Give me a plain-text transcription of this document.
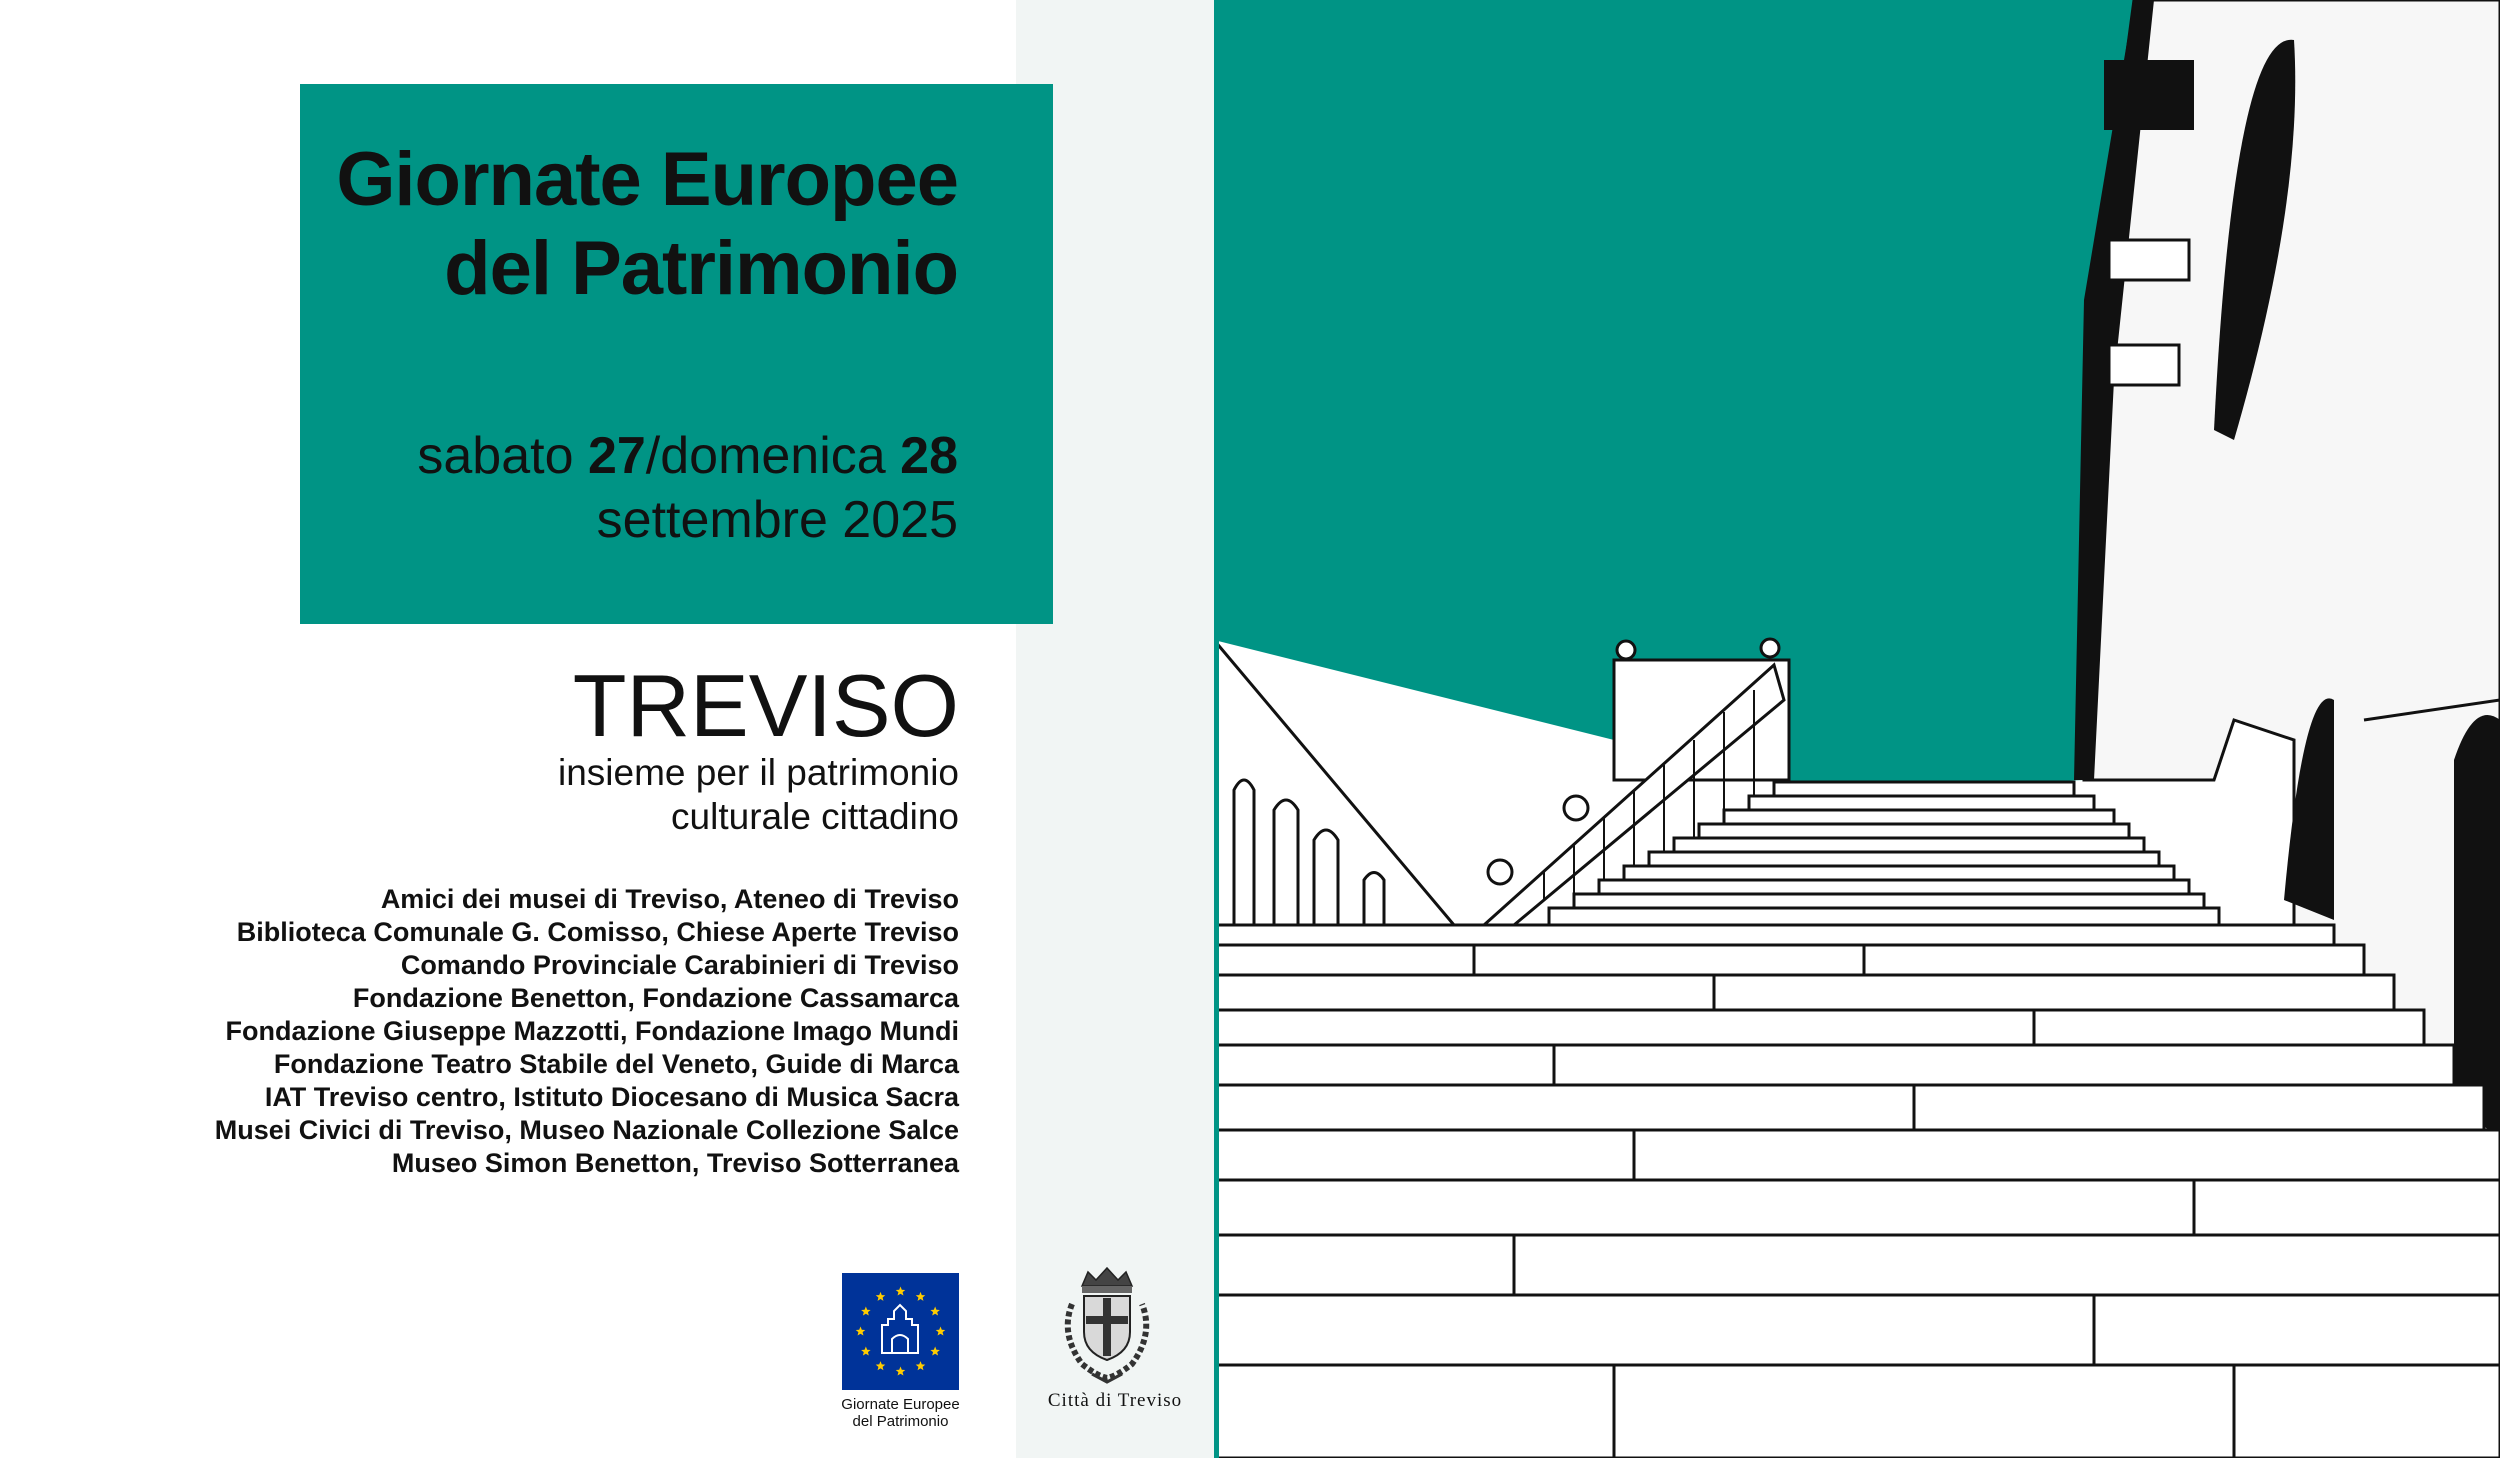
Giornate Europee

del Patrimonio

sabato 27/domenica 28

settembre 2025

TREVISO

insieme per il patrimonio

culturale cittadino

Amici dei musei di Treviso, Ateneo di Treviso
Biblioteca Comunale G. Comisso, Chiese Aperte Treviso
Comando Provinciale Carabinieri di Treviso
Fondazione Benetton, Fondazione Cassamarca
Fondazione Giuseppe Mazzotti, Fondazione Imago Mundi
Fondazione Teatro Stabile del Veneto, Guide di Marca
IAT Treviso centro, Istituto Diocesano di Musica Sacra
Musei Civici di Treviso, Museo Nazionale Collezione Salce
Museo Simon Benetton, Treviso Sotterranea
Giornate Europee
del Patrimonio
Città di Treviso
